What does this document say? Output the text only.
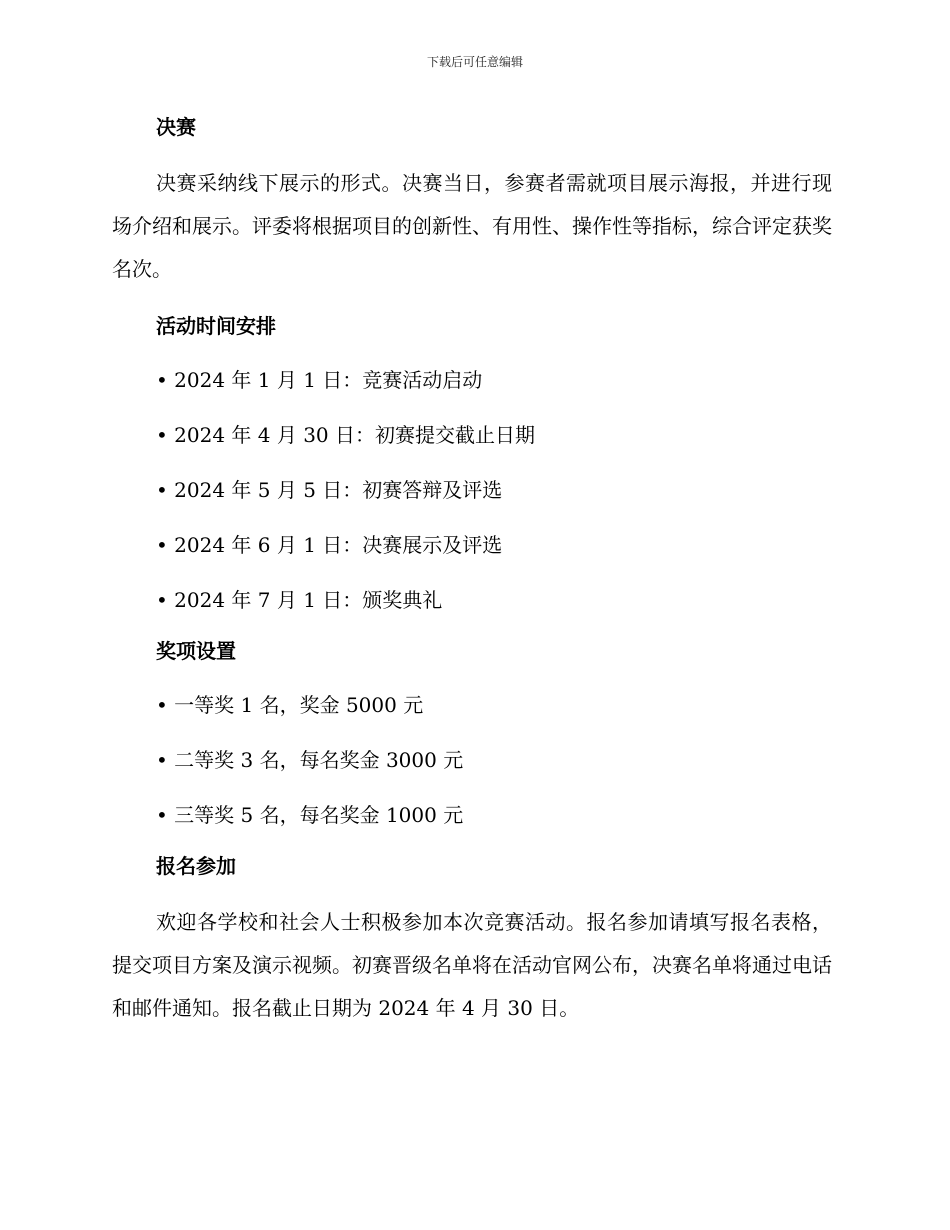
下载后可任意编辑
决赛

决赛采纳线下展示的形式。决赛当日，参赛者需就项目展示海报，并进行现场介绍和展示。评委将根据项目的创新性、有用性、操作性等指标，综合评定获奖名次。

活动时间安排
• 2024 年 1 月 1 日：竞赛活动启动
• 2024 年 4 月 30 日：初赛提交截止日期
• 2024 年 5 月 5 日：初赛答辩及评选
• 2024 年 6 月 1 日：决赛展示及评选
• 2024 年 7 月 1 日：颁奖典礼
奖项设置
• 一等奖 1 名，奖金 5000 元
• 二等奖 3 名，每名奖金 3000 元
• 三等奖 5 名，每名奖金 1000 元
报名参加

欢迎各学校和社会人士积极参加本次竞赛活动。报名参加请填写报名表格，提交项目方案及演示视频。初赛晋级名单将在活动官网公布，决赛名单将通过电话和邮件通知。报名截止日期为 2024 年 4 月 30 日。
